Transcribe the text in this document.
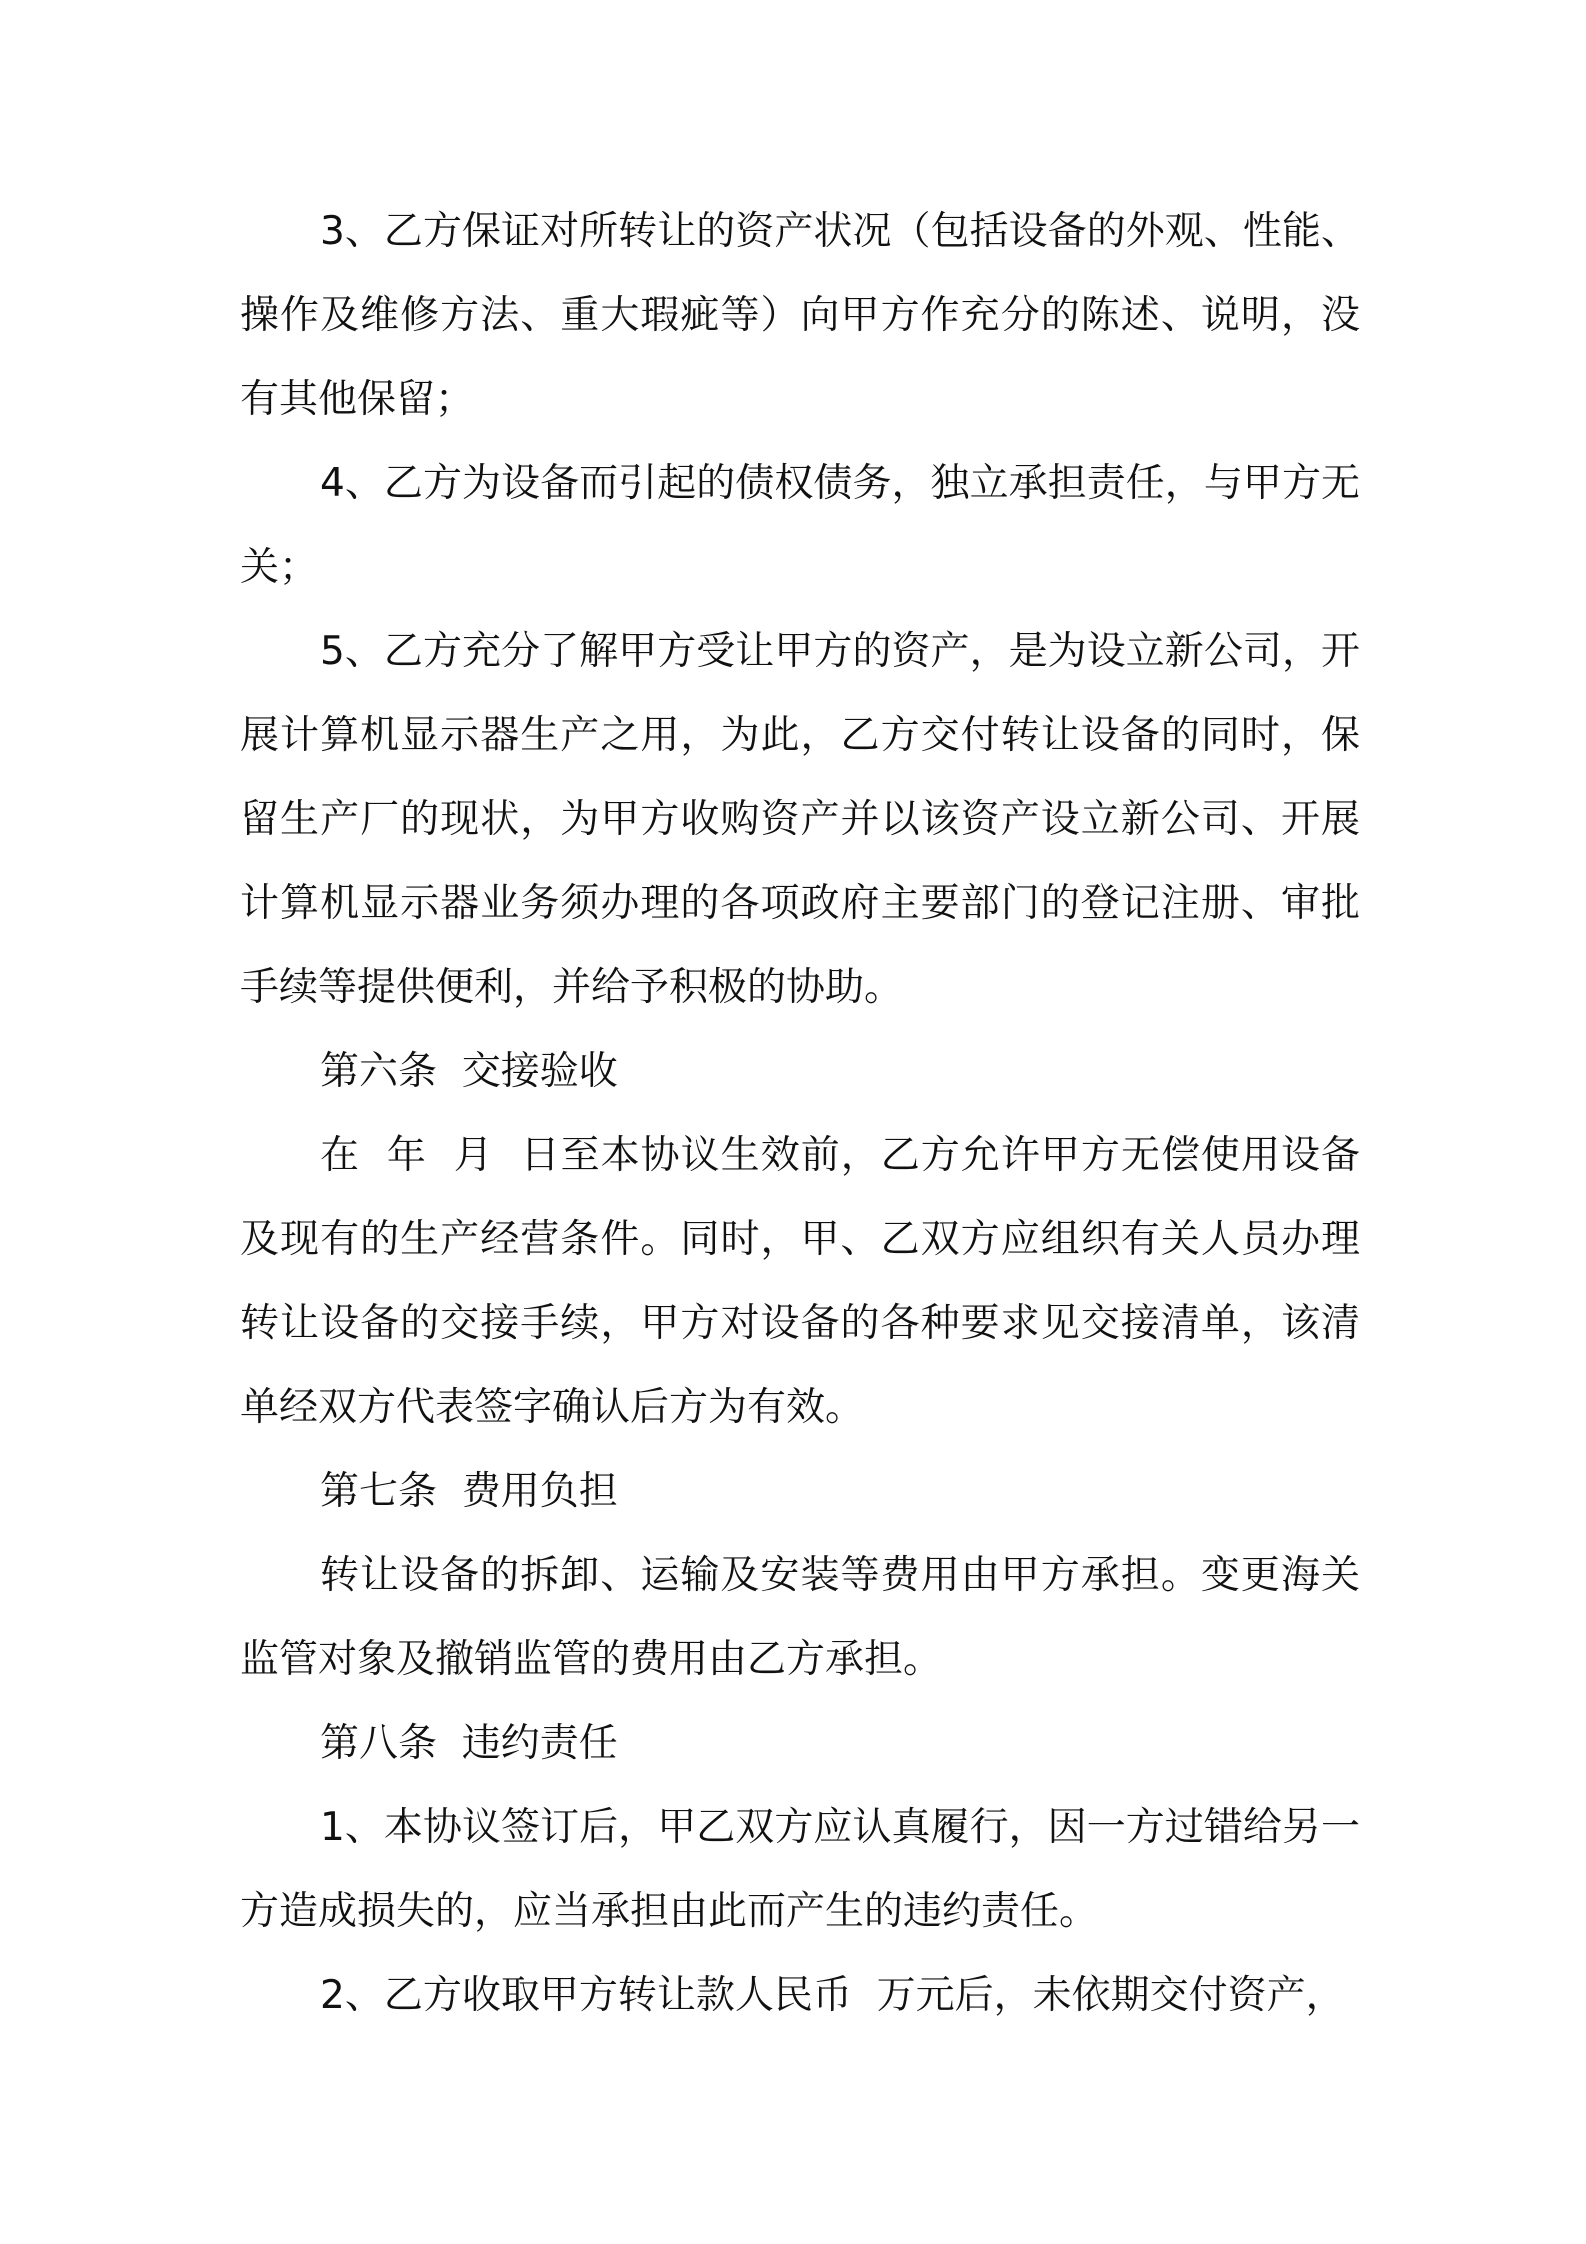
3、乙方保证对所转让的资产状况（包括设备的外观、性能、操作及维修方法、重大瑕疵等）向甲方作充分的陈述、说明，没有其他保留；

4、乙方为设备而引起的债权债务，独立承担责任，与甲方无关；

5、乙方充分了解甲方受让甲方的资产，是为设立新公司，开展计算机显示器生产之用，为此，乙方交付转让设备的同时，保留生产厂的现状，为甲方收购资产并以该资产设立新公司、开展计算机显示器业务须办理的各项政府主要部门的登记注册、审批手续等提供便利，并给予积极的协助。

第六条  交接验收

在  年  月  日至本协议生效前，乙方允许甲方无偿使用设备及现有的生产经营条件。同时，甲、乙双方应组织有关人员办理转让设备的交接手续，甲方对设备的各种要求见交接清单，该清单经双方代表签字确认后方为有效。

第七条  费用负担

转让设备的拆卸、运输及安装等费用由甲方承担。变更海关监管对象及撤销监管的费用由乙方承担。

第八条  违约责任

1、本协议签订后，甲乙双方应认真履行，因一方过错给另一方造成损失的，应当承担由此而产生的违约责任。

2、乙方收取甲方转让款人民币  万元后，未依期交付资产，
